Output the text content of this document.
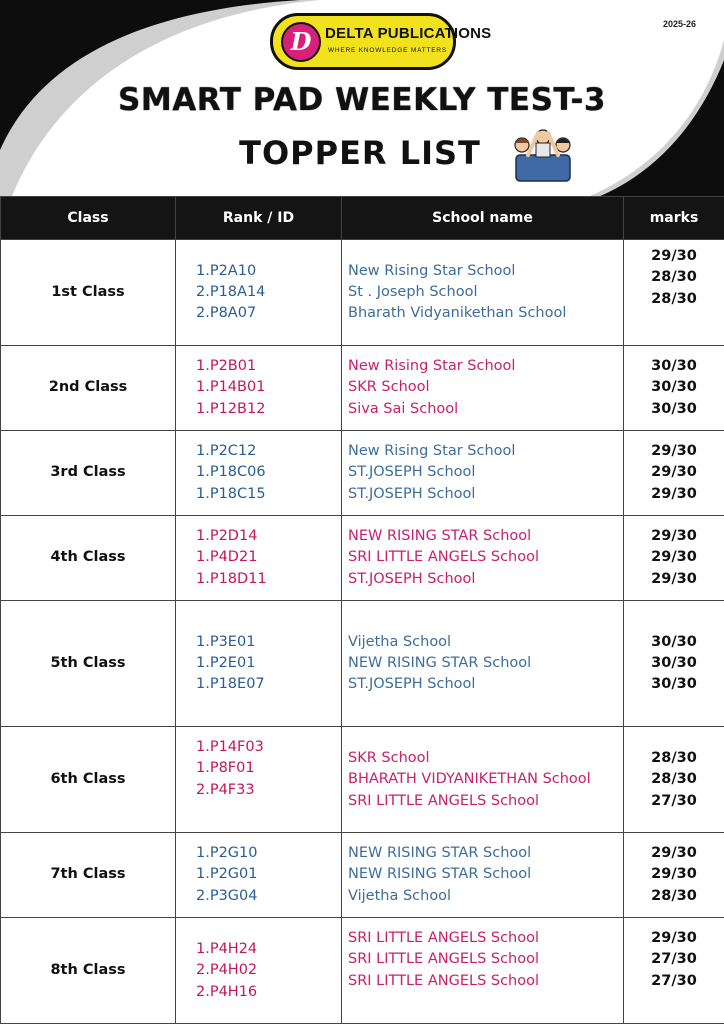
D DELTA PUBLICATIONS
WHERE KNOWLEDGE MATTERS
2025-26
SMART PAD WEEKLY TEST-3
TOPPER LIST
Class	Rank / ID	School name	marks
1st Class	1.P2A10
2.P18A14
2.P8A07	New Rising Star School
St . Joseph School
Bharath Vidyanikethan School	29/30
28/30
28/30

2nd Class	1.P2B01
1.P14B01
1.P12B12	New Rising Star School
SKR School
Siva Sai School	30/30
30/30
30/30

3rd Class	1.P2C12
1.P18C06
1.P18C15	New Rising Star School
ST.JOSEPH School
ST.JOSEPH School	29/30
29/30
29/30

4th Class	1.P2D14
1.P4D21
1.P18D11	NEW RISING STAR School
SRI LITTLE ANGELS School
ST.JOSEPH School	29/30
29/30
29/30

5th Class	1.P3E01
1.P2E01
1.P18E07	Vijetha School
NEW RISING STAR School
ST.JOSEPH School	30/30
30/30
30/30

6th Class	1.P14F03
1.P8F01
2.P4F33	SKR School
BHARATH VIDYANIKETHAN School
SRI LITTLE ANGELS School	28/30
28/30
27/30

7th Class	1.P2G10
1.P2G01
2.P3G04	NEW RISING STAR School
NEW RISING STAR School
Vijetha School	29/30
29/30
28/30

8th Class	1.P4H24
2.P4H02
2.P4H16	SRI LITTLE ANGELS School
SRI LITTLE ANGELS School
SRI LITTLE ANGELS School	29/30
27/30
27/30
